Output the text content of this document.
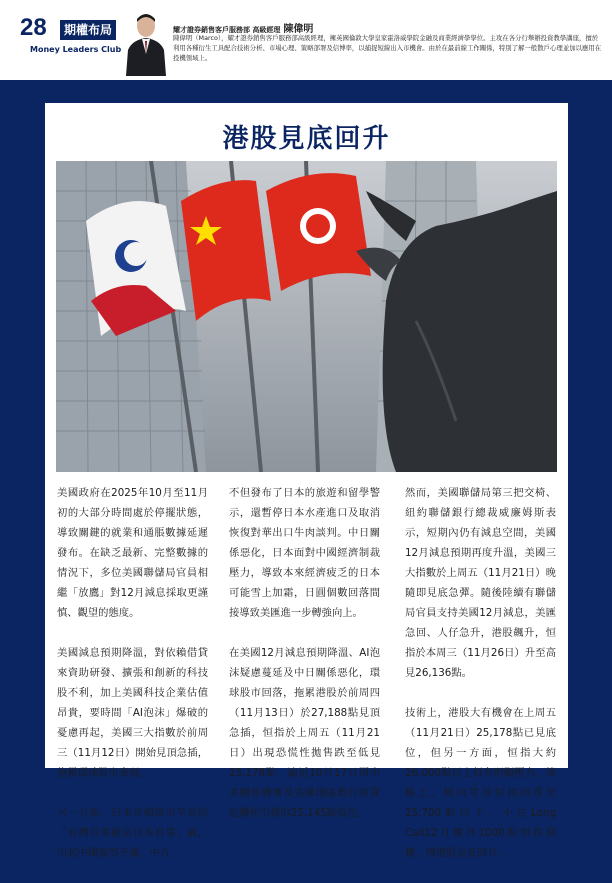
28	期權布局
Money Leaders Club
耀才證券銷售客戶服務部 高級經理 陳偉明
陳偉明（Marco），耀才證券銷售客戶服務部高級經理，擁英國倫敦大學皇家霍洛威學院金融及商業經濟學學位。主攻在各分行舉辦投資教學講座，擅於利用各種衍生工具配合技術分析、市場心理、策略部署及信博率，以捕捉短線出入市機會。由於在最前線工作關係，特別了解一般散戶心理並加以應用在投機領域上。
港股見底回升

美國政府在2025年10月至11月初的大部分時間處於停擺狀態，導致關鍵的就業和通脹數據延遲發布。在缺乏最新、完整數據的情況下，多位美國聯儲局官員相繼「放鷹」對12月減息採取更謹慎、觀望的態度。

美國減息預期降溫，對依賴借貸來資助研發、擴張和創新的科技股不利，加上美國科技企業估值昂貴，要時間「AI泡沫」爆破的憂慮再起，美國三大指數於前周三（11月12日）開始見頂急插，拖累環球股市表現。

另一方面，日本首相高市早苗的「台灣有事就是日本有事」論，引起中國強烈不滿，中方

不但發布了日本的旅遊和留學警示，還暫停日本水產進口及取消恢復對華出口牛肉談判。中日關係惡化，日本面對中國經濟制裁壓力，導致本來經濟疲乏的日本可能雪上加霜，日圓個數回落間接導致美匯進一步轉強向上。

在美國12月減息預期降溫、AI泡沫疑慮蔓延及中日關係惡化，環球股市回落，拖累港股於前周四（11月13日）於27,188點見頂急插，恒指於上周五（11月21日）出現恐慌性拋售跌至低見25,178點，遍近10月17日因中美關係轉壞及美國地區銀行信貸危機所引發的25,145點低位。

然而，美國聯儲局第三把交椅、紐約聯儲銀行總裁威廉姆斯表示，短期內仍有減息空間，美國12月減息預期再度升溫，美國三大指數於上周五（11月21日）晚隨即見底急彈。隨後陸續有聯儲局官員支持美國12月減息，美匯急回、人仔急升，港股飆升，恒指於本周三（11月26日）升至高見26,136點。

技術上，港股大有機會在上周五（11月21日）25,178點已見底位，但另一方面，恒指大約26,000點以上似有明顯壓力。策略上，傾向等待恒指回落至25,700點以下，小注Long Call12月價外1000點恒指期權，博港股見底回升。
